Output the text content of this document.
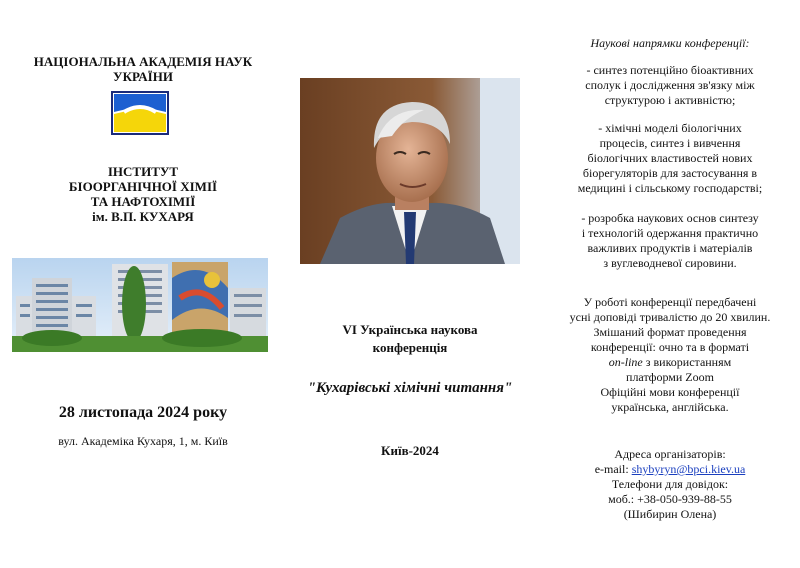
НАЦІОНАЛЬНА АКАДЕМІЯ НАУК
УКРАЇНИ
ІНСТИТУТ
БІООРГАНІЧНОЇ ХІМІЇ
ТА НАФТОХІМІЇ
ім. В.П. КУХАРЯ
28 листопада 2024 року
вул. Академіка Кухаря, 1, м. Київ
VI Українська наукова
конференція
"Кухарівські хімічні читання"
Київ-2024
Наукові напрямки конференції:
- синтез потенційно біоактивних
сполук і дослідження зв'язку між
структурою і активністю;
- хімічні моделі біологічних
процесів, синтез і вивчення
біологічних властивостей нових
біорегуляторів для застосування в
медицині і сільському господарстві;
- розробка наукових основ синтезу
і технологій одержання практично
важливих продуктів і матеріалів
з вуглеводневої сировини.
У роботі конференції передбачені
усні доповіді тривалістю до 20 хвилин.
Змішаний формат проведення
конференції: очно та в форматі
on-line з використанням
платформи Zoom
Офіційні мови конференції
українська, англійська.
Адреса організаторів:
e-mail: shybyryn@bpci.kiev.ua
Телефони для довідок:
моб.: +38-050-939-88-55
(Шибирин Олена)
